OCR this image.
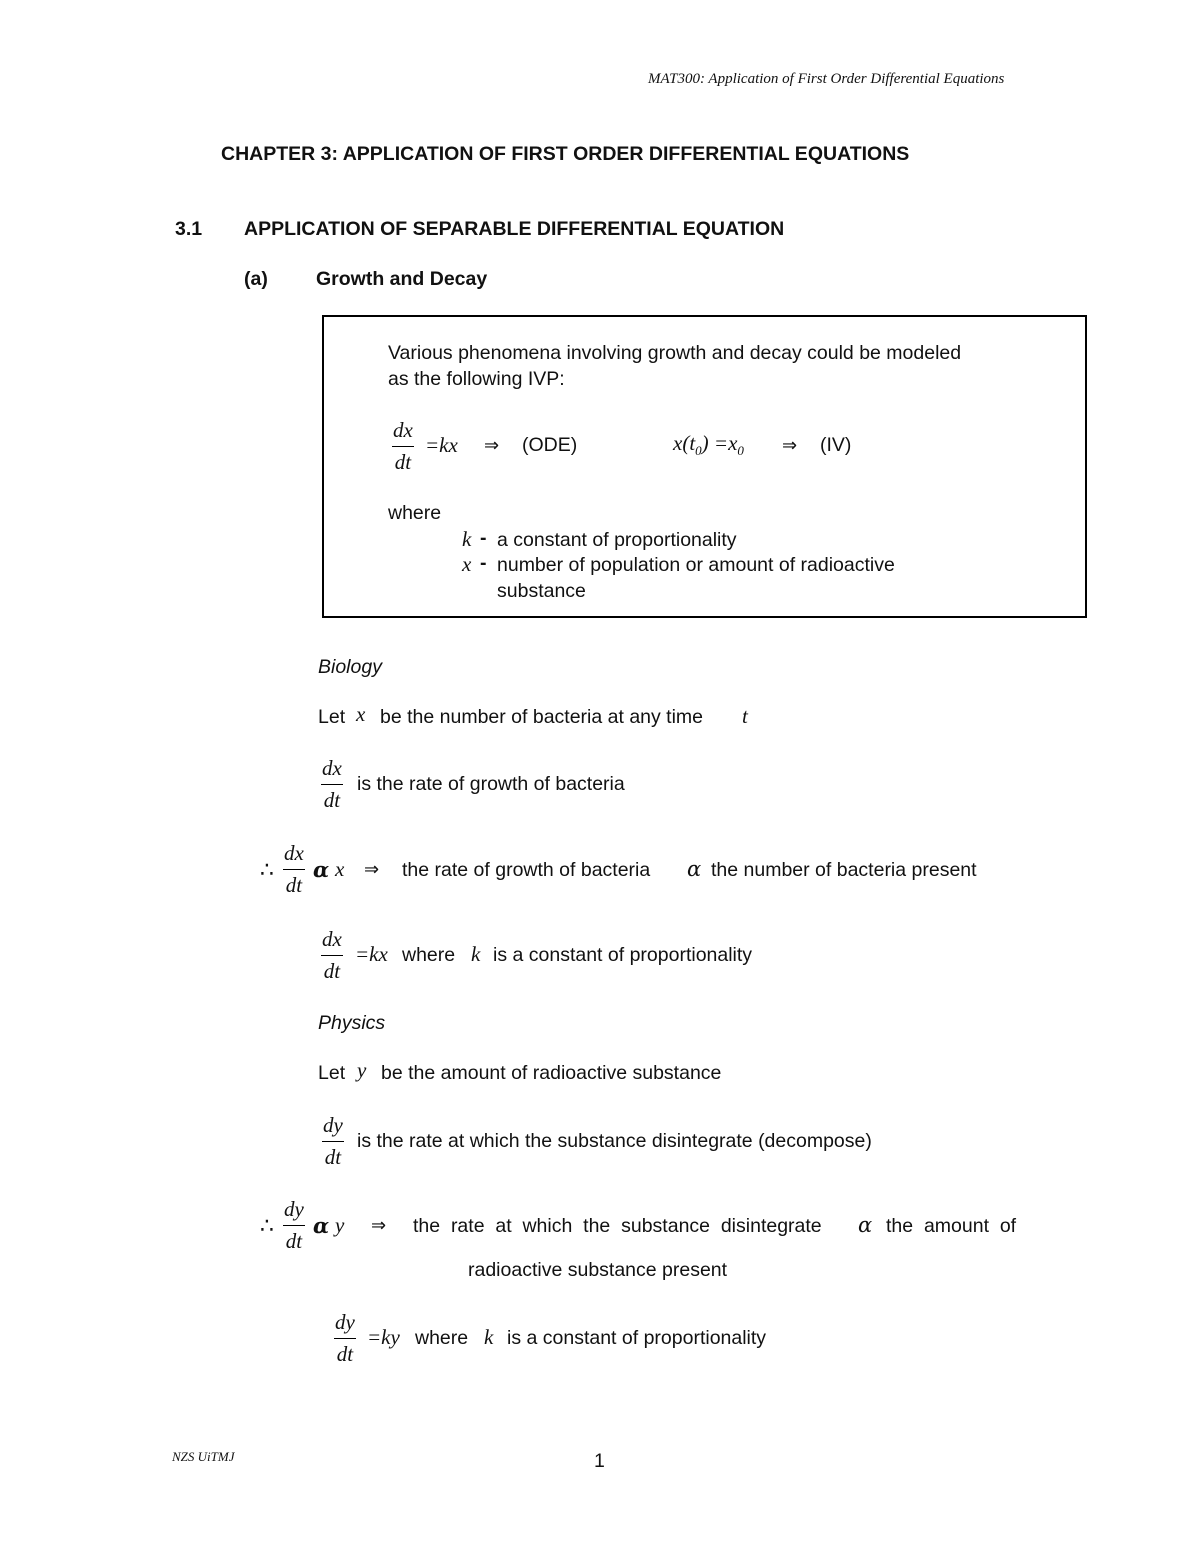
MAT300: Application of First Order Differential Equations
CHAPTER 3: APPLICATION OF FIRST ORDER DIFFERENTIAL EQUATIONS
3.1 APPLICATION OF SEPARABLE DIFFERENTIAL EQUATION
(a) Growth and Decay
Various phenomena involving growth and decay could be modeled
as the following IVP:
dx
dt
=kx ⇒ (ODE)	$x(t_0) =x_0$ ⇒ (IV)
where
k - a constant of proportionality
x - number of population or amount of radioactive
substance
Biology
Let x be the number of bacteria at any time t
dx
dt
is the rate of growth of bacteria
∴
dx
dt
α x ⇒ the rate of growth of bacteria α the number of bacteria present
dx
dt
=kx where k is a constant of proportionality
Physics
Let y be the amount of radioactive substance
dy
dt
is the rate at which the substance disintegrate (decompose)
∴
dy
dt
α y ⇒ the  rate  at  which  the  substance  disintegrate α the  amount  of
radioactive substance present
dy
dt
=ky where k is a constant of proportionality
NZS UiTMJ	1
